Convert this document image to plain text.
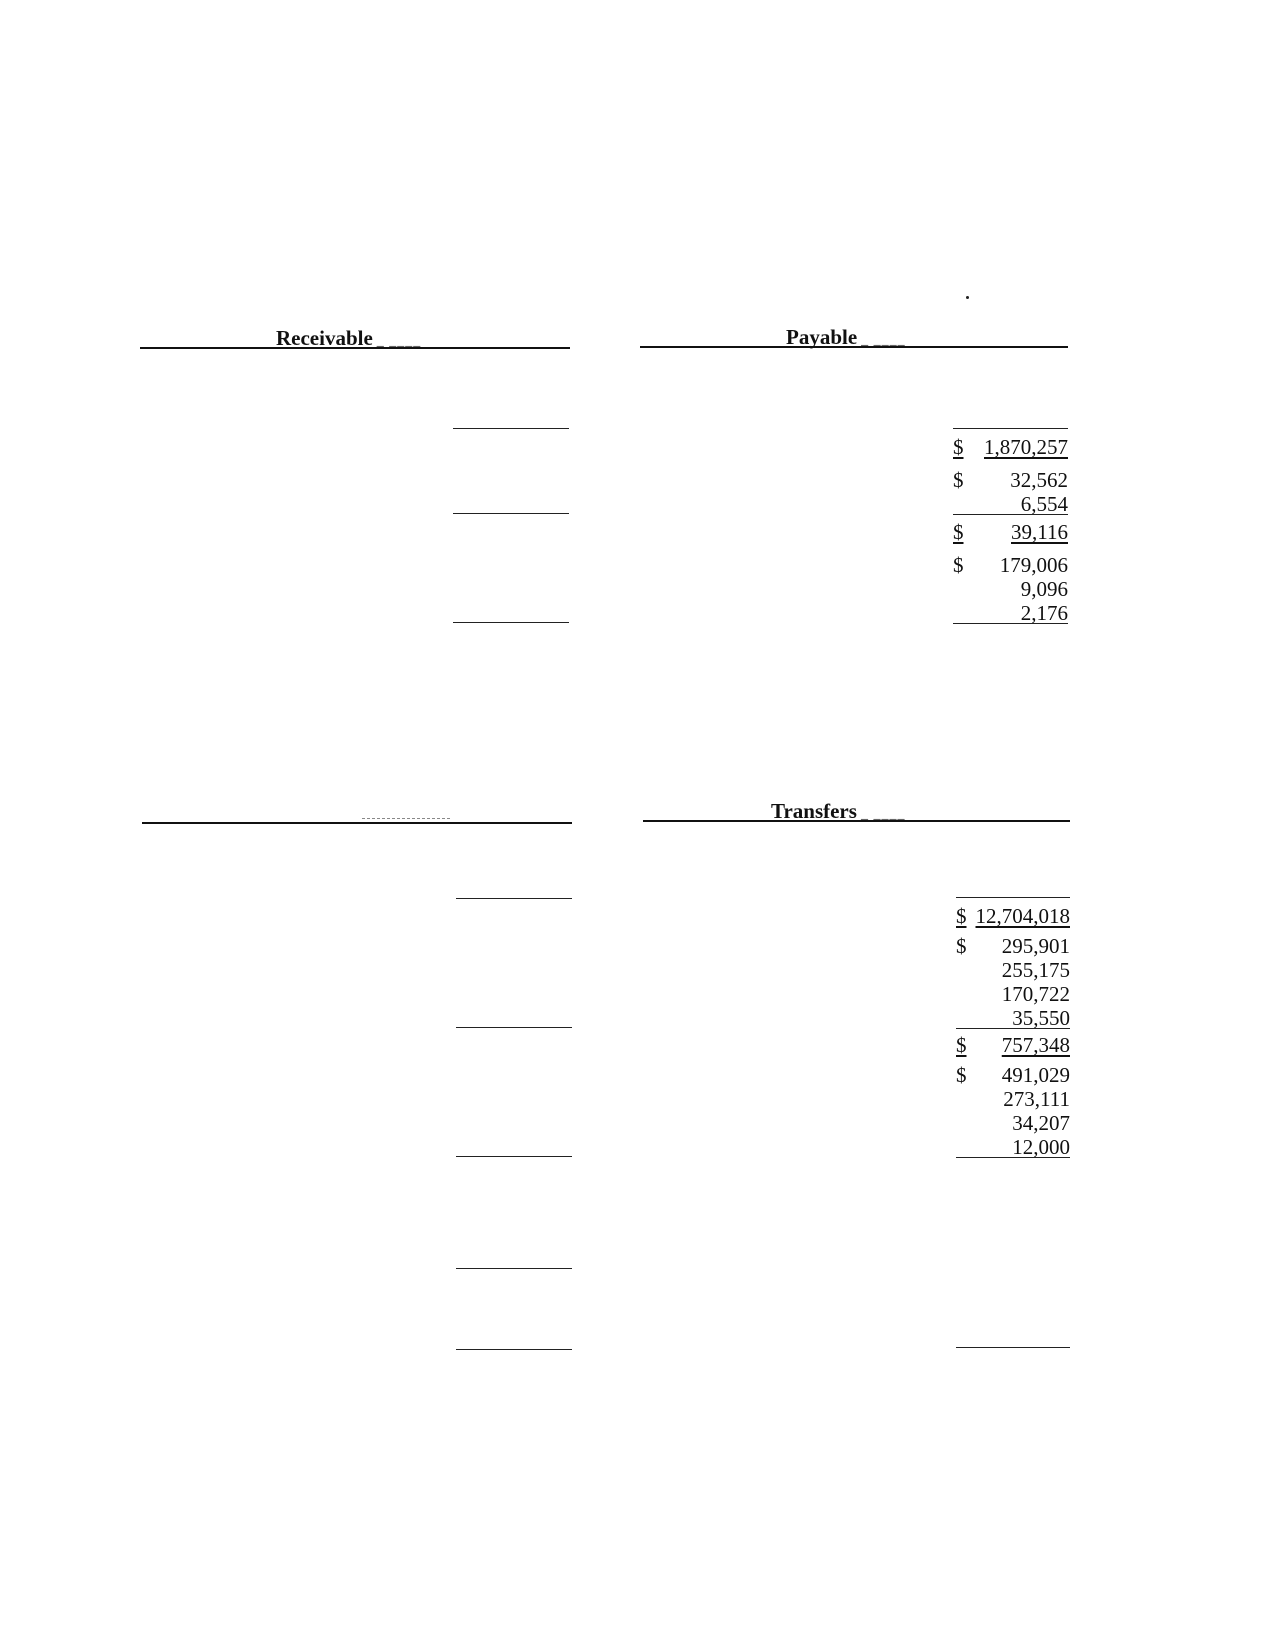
Receivable _ ____	Payable _ ____
$ 1,870,257
$	32,562
6,554
$	39,116
$	179,006
9,096
2,176
Transfers _ ____
$ 12,704,018
$	295,901
255,175
170,722
35,550
$	757,348
$	491,029
273,111
34,207
12,000
